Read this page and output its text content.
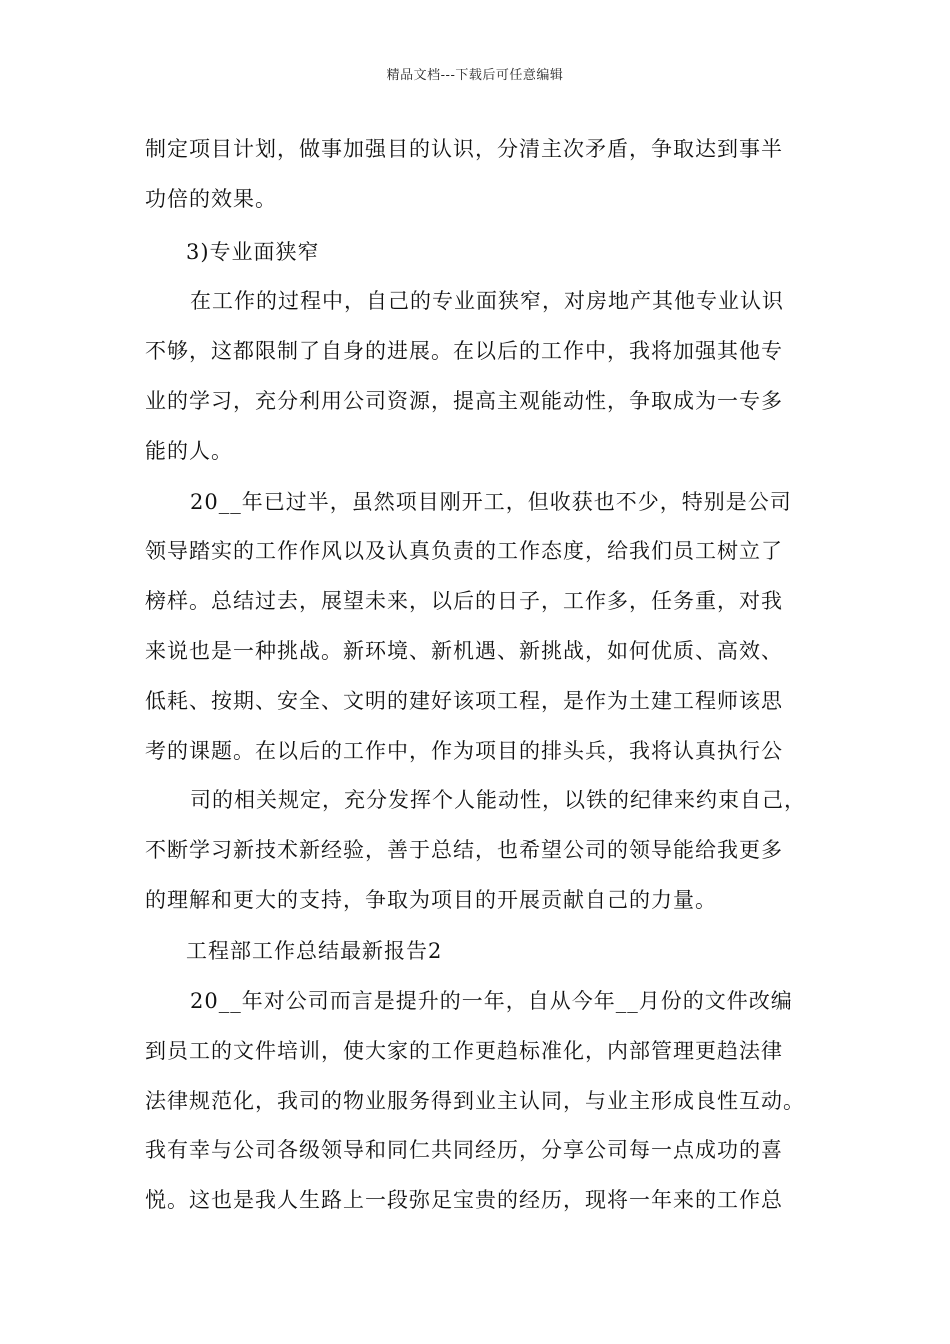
精品文档---下载后可任意编辑
制定项目计划，做事加强目的认识，分清主次矛盾，争取达到事半
功倍的效果。
3)专业面狭窄
在工作的过程中，自己的专业面狭窄，对房地产其他专业认识
不够，这都限制了自身的进展。在以后的工作中，我将加强其他专
业的学习，充分利用公司资源，提高主观能动性，争取成为一专多
能的人。
20__年已过半，虽然项目刚开工，但收获也不少，特别是公司
领导踏实的工作作风以及认真负责的工作态度，给我们员工树立了
榜样。总结过去，展望未来，以后的日子，工作多，任务重，对我
来说也是一种挑战。新环境、新机遇、新挑战，如何优质、高效、
低耗、按期、安全、文明的建好该项工程，是作为土建工程师该思
考的课题。在以后的工作中，作为项目的排头兵，我将认真执行公
司的相关规定，充分发挥个人能动性，以铁的纪律来约束自己，
不断学习新技术新经验，善于总结，也希望公司的领导能给我更多
的理解和更大的支持，争取为项目的开展贡献自己的力量。
工程部工作总结最新报告2
20__年对公司而言是提升的一年，自从今年__月份的文件改编
到员工的文件培训，使大家的工作更趋标准化，内部管理更趋法律
法律规范化，我司的物业服务得到业主认同，与业主形成良性互动。
我有幸与公司各级领导和同仁共同经历，分享公司每一点成功的喜
悦。这也是我人生路上一段弥足宝贵的经历，现将一年来的工作总
